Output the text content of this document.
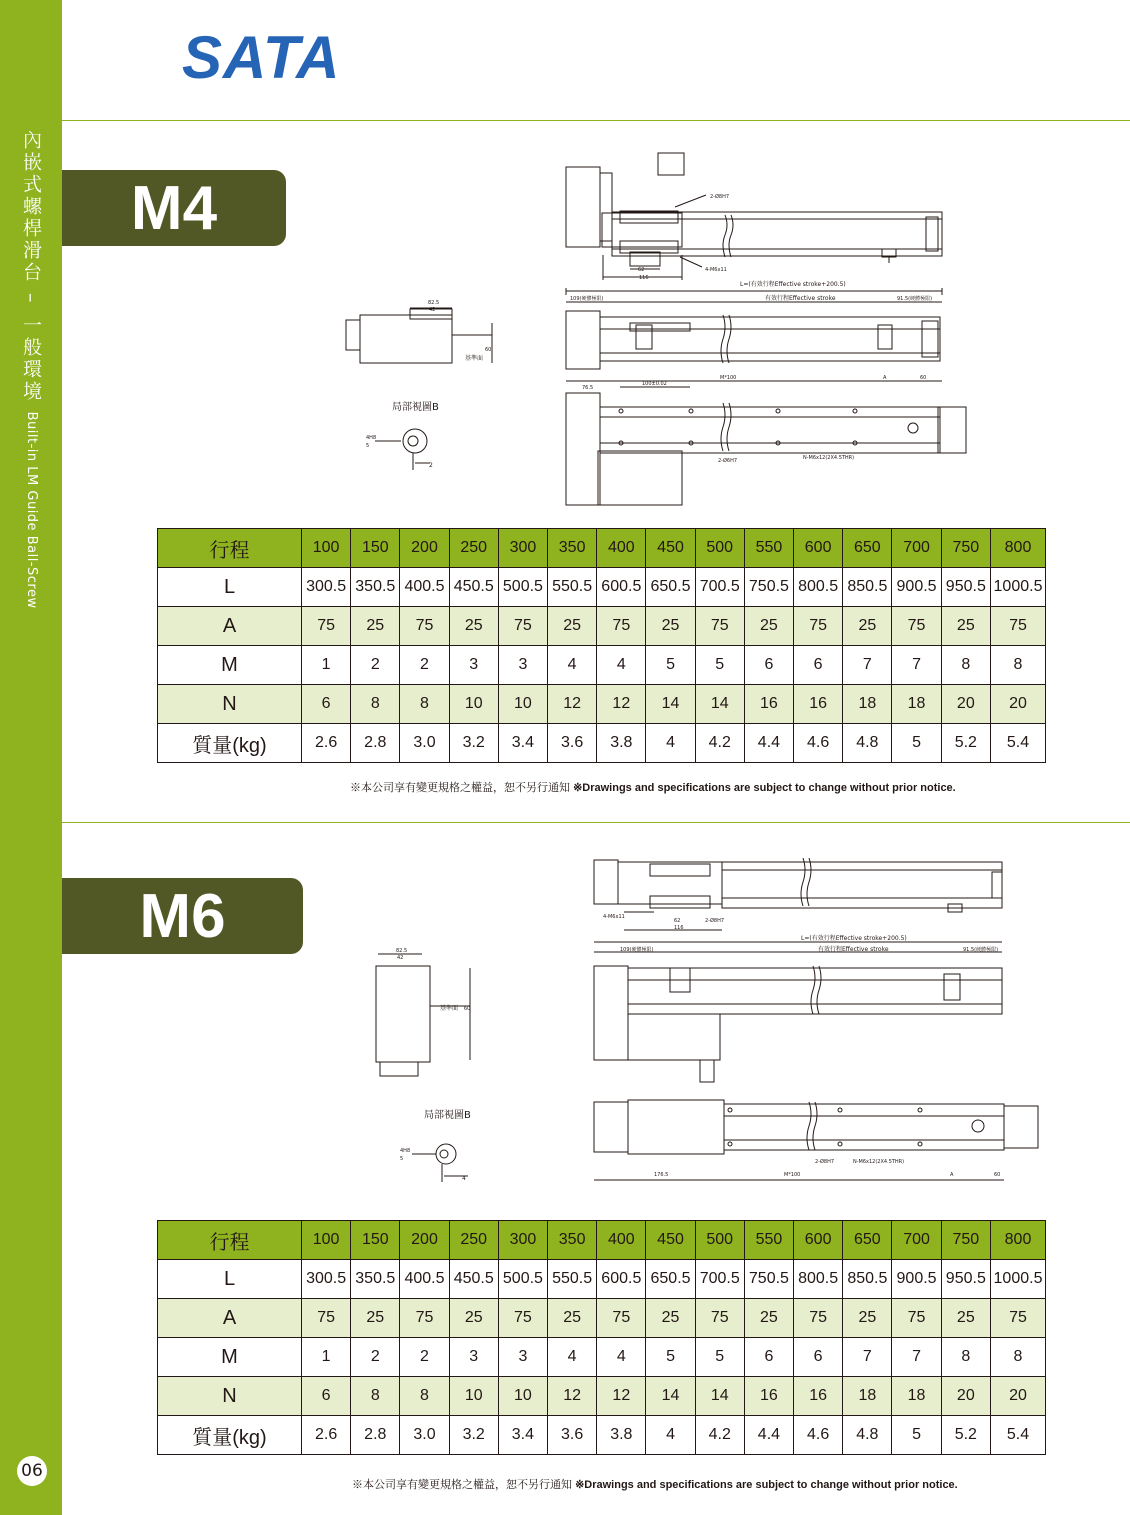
內嵌式螺桿滑台 – 一般環境 Built-in LM Guide Ball-Screw
06
SATA
M4
M6
2-Ø8H7
62
116
4-M6x11
L=(有效行程Effective stroke+200.5)
109(硬體極限)	有效行程Effective stroke	91.5(硬體極限)
76.5
100±0.02
M*100	A	60
2-Ø6H7	N-M6x12(2X4.5THR)
82.5
42
60
基準面
局部視圖B
4H8
5
2
行程	100	150	200	250	300	350	400	450	500	550	600	650	700	750	800
L	300.5	350.5	400.5	450.5	500.5	550.5	600.5	650.5	700.5	750.5	800.5	850.5	900.5	950.5	1000.5
A	75	25	75	25	75	25	75	25	75	25	75	25	75	25	75
M	1	2	2	3	3	4	4	5	5	6	6	7	7	8	8
N	6	8	8	10	10	12	12	14	14	16	16	18	18	20	20
質量(kg)	2.6	2.8	3.0	3.2	3.4	3.6	3.8	4	4.2	4.4	4.6	4.8	5	5.2	5.4
※本公司享有變更規格之權益，恕不另行通知 ※Drawings and specifications are subject to change without prior notice.
4-M6x11
2-Ø8H7
62
116
L=(有效行程Effective stroke+200.5)
109(硬體極限)	有效行程Effective stroke	91.5(硬體極限)
176.5	M*100	A	60
2-Ø8H7	N-M6x12(2X4.5THR)
82.5
42
60
基準面
局部視圖B
4H8
5
4
行程	100	150	200	250	300	350	400	450	500	550	600	650	700	750	800
L	300.5	350.5	400.5	450.5	500.5	550.5	600.5	650.5	700.5	750.5	800.5	850.5	900.5	950.5	1000.5
A	75	25	75	25	75	25	75	25	75	25	75	25	75	25	75
M	1	2	2	3	3	4	4	5	5	6	6	7	7	8	8
N	6	8	8	10	10	12	12	14	14	16	16	18	18	20	20
質量(kg)	2.6	2.8	3.0	3.2	3.4	3.6	3.8	4	4.2	4.4	4.6	4.8	5	5.2	5.4
※本公司享有變更規格之權益，恕不另行通知 ※Drawings and specifications are subject to change without prior notice.
